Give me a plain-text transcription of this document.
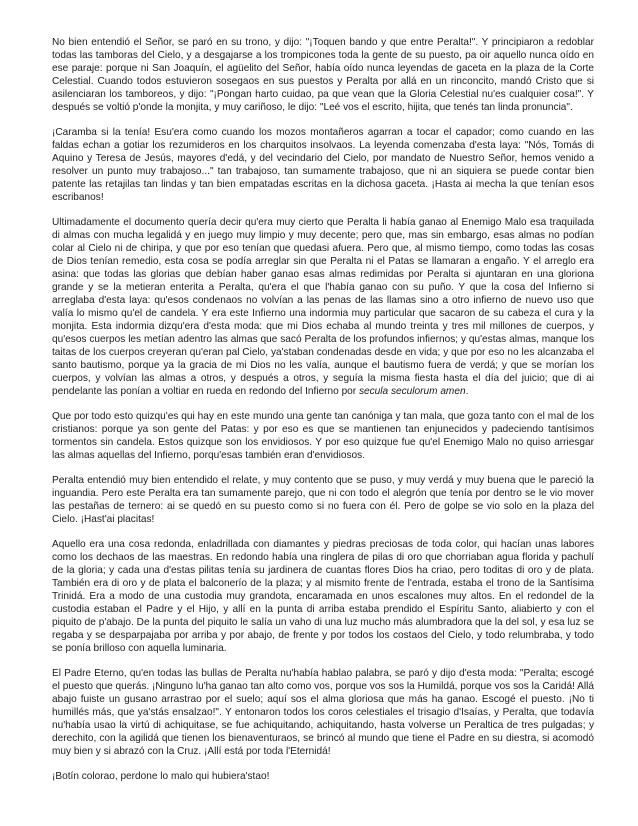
No bien entendió el Señor, se paró en su trono, y dijo: "¡Toquen bando y que entre Peralta!". Y principiaron a redoblar todas las tamboras del Cielo, y a desgajarse a los trompicones toda la gente de su puesto, pa oir aquello nunca oído en ese paraje: porque ni San Joaquín, el agüelito del Señor, había oído nunca leyendas de gaceta en la plaza de la Corte Celestial. Cuando todos estuvieron sosegaos en sus puestos y Peralta por allá en un rinconcito, mandó Cristo que si asilenciaran los tamboreos, y dijo: "¡Pongan harto cuidao, pa que vean que la Gloria Celestial nu'es cualquier cosa!". Y después se voltió p'onde la monjita, y muy cariñoso, le dijo: "Leé vos el escrito, hijita, que tenés tan linda pronuncia".

¡Caramba si la tenía! Esu'era como cuando los mozos montañeros agarran a tocar el capador; como cuando en las faldas echan a gotiar los rezumideros en los charquitos insolvaos. La leyenda comenzaba d'esta laya: "Nós, Tomás di Aquino y Teresa de Jesús, mayores d'edá, y del vecindario del Cielo, por mandato de Nuestro Señor, hemos venido a resolver un punto muy trabajoso..." tan trabajoso, tan sumamente trabajoso, que ni an siquiera se puede contar bien patente las retajilas tan lindas y tan bien empatadas escritas en la dichosa gaceta. ¡Hasta ai mecha la que tenían esos escribanos!

Ultimadamente el documento quería decir qu'era muy cierto que Peralta li había ganao al Enemigo Malo esa traquilada di almas con mucha legalidá y en juego muy limpio y muy decente; pero que, mas sin embargo, esas almas no podían colar al Cielo ni de chiripa, y que por eso tenían que quedasi afuera. Pero que, al mismo tiempo, como todas las cosas de Dios tenían remedio, esta cosa se podía arreglar sin que Peralta ni el Patas se llamaran a engaño. Y el arreglo era asina: que todas las glorias que debían haber ganao esas almas redimidas por Peralta si ajuntaran en una gloriona grande y se la metieran enterita a Peralta, qu'era el que l'había ganao con su puño. Y que la cosa del Infierno si arreglaba d'esta laya: qu'esos condenaos no volvían a las penas de las llamas sino a otro infierno de nuevo uso que valía lo mismo qu'el de candela. Y era este Infierno una indormia muy particular que sacaron de su cabeza el cura y la monjita. Esta indormia dizqu'era d'esta moda: que mi Dios echaba al mundo treinta y tres mil millones de cuerpos, y qu'esos cuerpos les metían adentro las almas que sacó Peralta de los profundos infiernos; y qu'estas almas, manque los taitas de los cuerpos creyeran qu'eran pal Cielo, ya'staban condenadas desde en vida; y que por eso no les alcanzaba el santo bautismo, porque ya la gracia de mi Dios no les valía, aunque el bautismo fuera de verdá; y que se morían los cuerpos, y volvían las almas a otros, y después a otros, y seguía la misma fiesta hasta el día del juicio; que di ai pendelante las ponían a voltiar en rueda en redondo del Infierno por secula seculorum amen.

Que por todo esto quizqu'es qui hay en este mundo una gente tan canóniga y tan mala, que goza tanto con el mal de los cristianos: porque ya son gente del Patas: y por eso es que se mantienen tan enjunecidos y padeciendo tantísimos tormentos sin candela. Estos quizque son los envidiosos. Y por eso quizque fue qu'el Enemigo Malo no quiso arriesgar las almas aquellas del Infierno, porqu'esas también eran d'envidiosos.

Peralta entendió muy bien entendido el relate, y muy contento que se puso, y muy verdá y muy buena que le pareció la inguandia. Pero este Peralta era tan sumamente parejo, que ni con todo el alegrón que tenía por dentro se le vio mover las pestañas de ternero: ai se quedó en su puesto como si no fuera con él. Pero de golpe se vio solo en la plaza del Cielo. ¡Hast'ai placitas!

Aquello era una cosa redonda, enladrillada con diamantes y piedras preciosas de toda color, qui hacían unas labores como los dechaos de las maestras. En redondo había una ringlera de pilas di oro que chorriaban agua florida y pachulí de la gloria; y cada una d'estas pilitas tenía su jardinera de cuantas flores Dios ha criao, pero toditas di oro y de plata. También era di oro y de plata el balconerío de la plaza; y al mismito frente de l'entrada, estaba el trono de la Santísima Trinidá. Era a modo de una custodia muy grandota, encaramada en unos escalones muy altos. En el redondel de la custodia estaban el Padre y el Hijo, y allí en la punta di arriba estaba prendido el Espíritu Santo, aliabierto y con el piquito de p'abajo. De la punta del piquito le salía un vaho di una luz mucho más alumbradora que la del sol, y esa luz se regaba y se desparpajaba por arriba y por abajo, de frente y por todos los costaos del Cielo, y todo relumbraba, y todo se ponía brilloso con aquella luminaria.

El Padre Eterno, qu'en todas las bullas de Peralta nu'había hablao palabra, se paró y dijo d'esta moda: "Peralta; escogé el puesto que querás. ¡Ninguno lu'ha ganao tan alto como vos, porque vos sos la Humildá, porque vos sos la Caridá! Allá abajo fuiste un gusano arrastrao por el suelo; aquí sos el alma gloriosa que más ha ganao. Escogé el puesto. ¡No ti humillés más, que ya'stás ensalzao!". Y entonaron todos los coros celestiales el trisagio d'Isaías, y Peralta, que todavía nu'había usao la virtú di achiquitase, se fue achiquitando, achiquitando, hasta volverse un Peraltica de tres pulgadas; y derechito, con la agilidá que tienen los bienaventuraos, se brincó al mundo que tiene el Padre en su diestra, si acomodó muy bien y si abrazó con la Cruz. ¡Allí está por toda l'Eternidá!

¡Botín colorao, perdone lo malo qui hubiera'stao!
